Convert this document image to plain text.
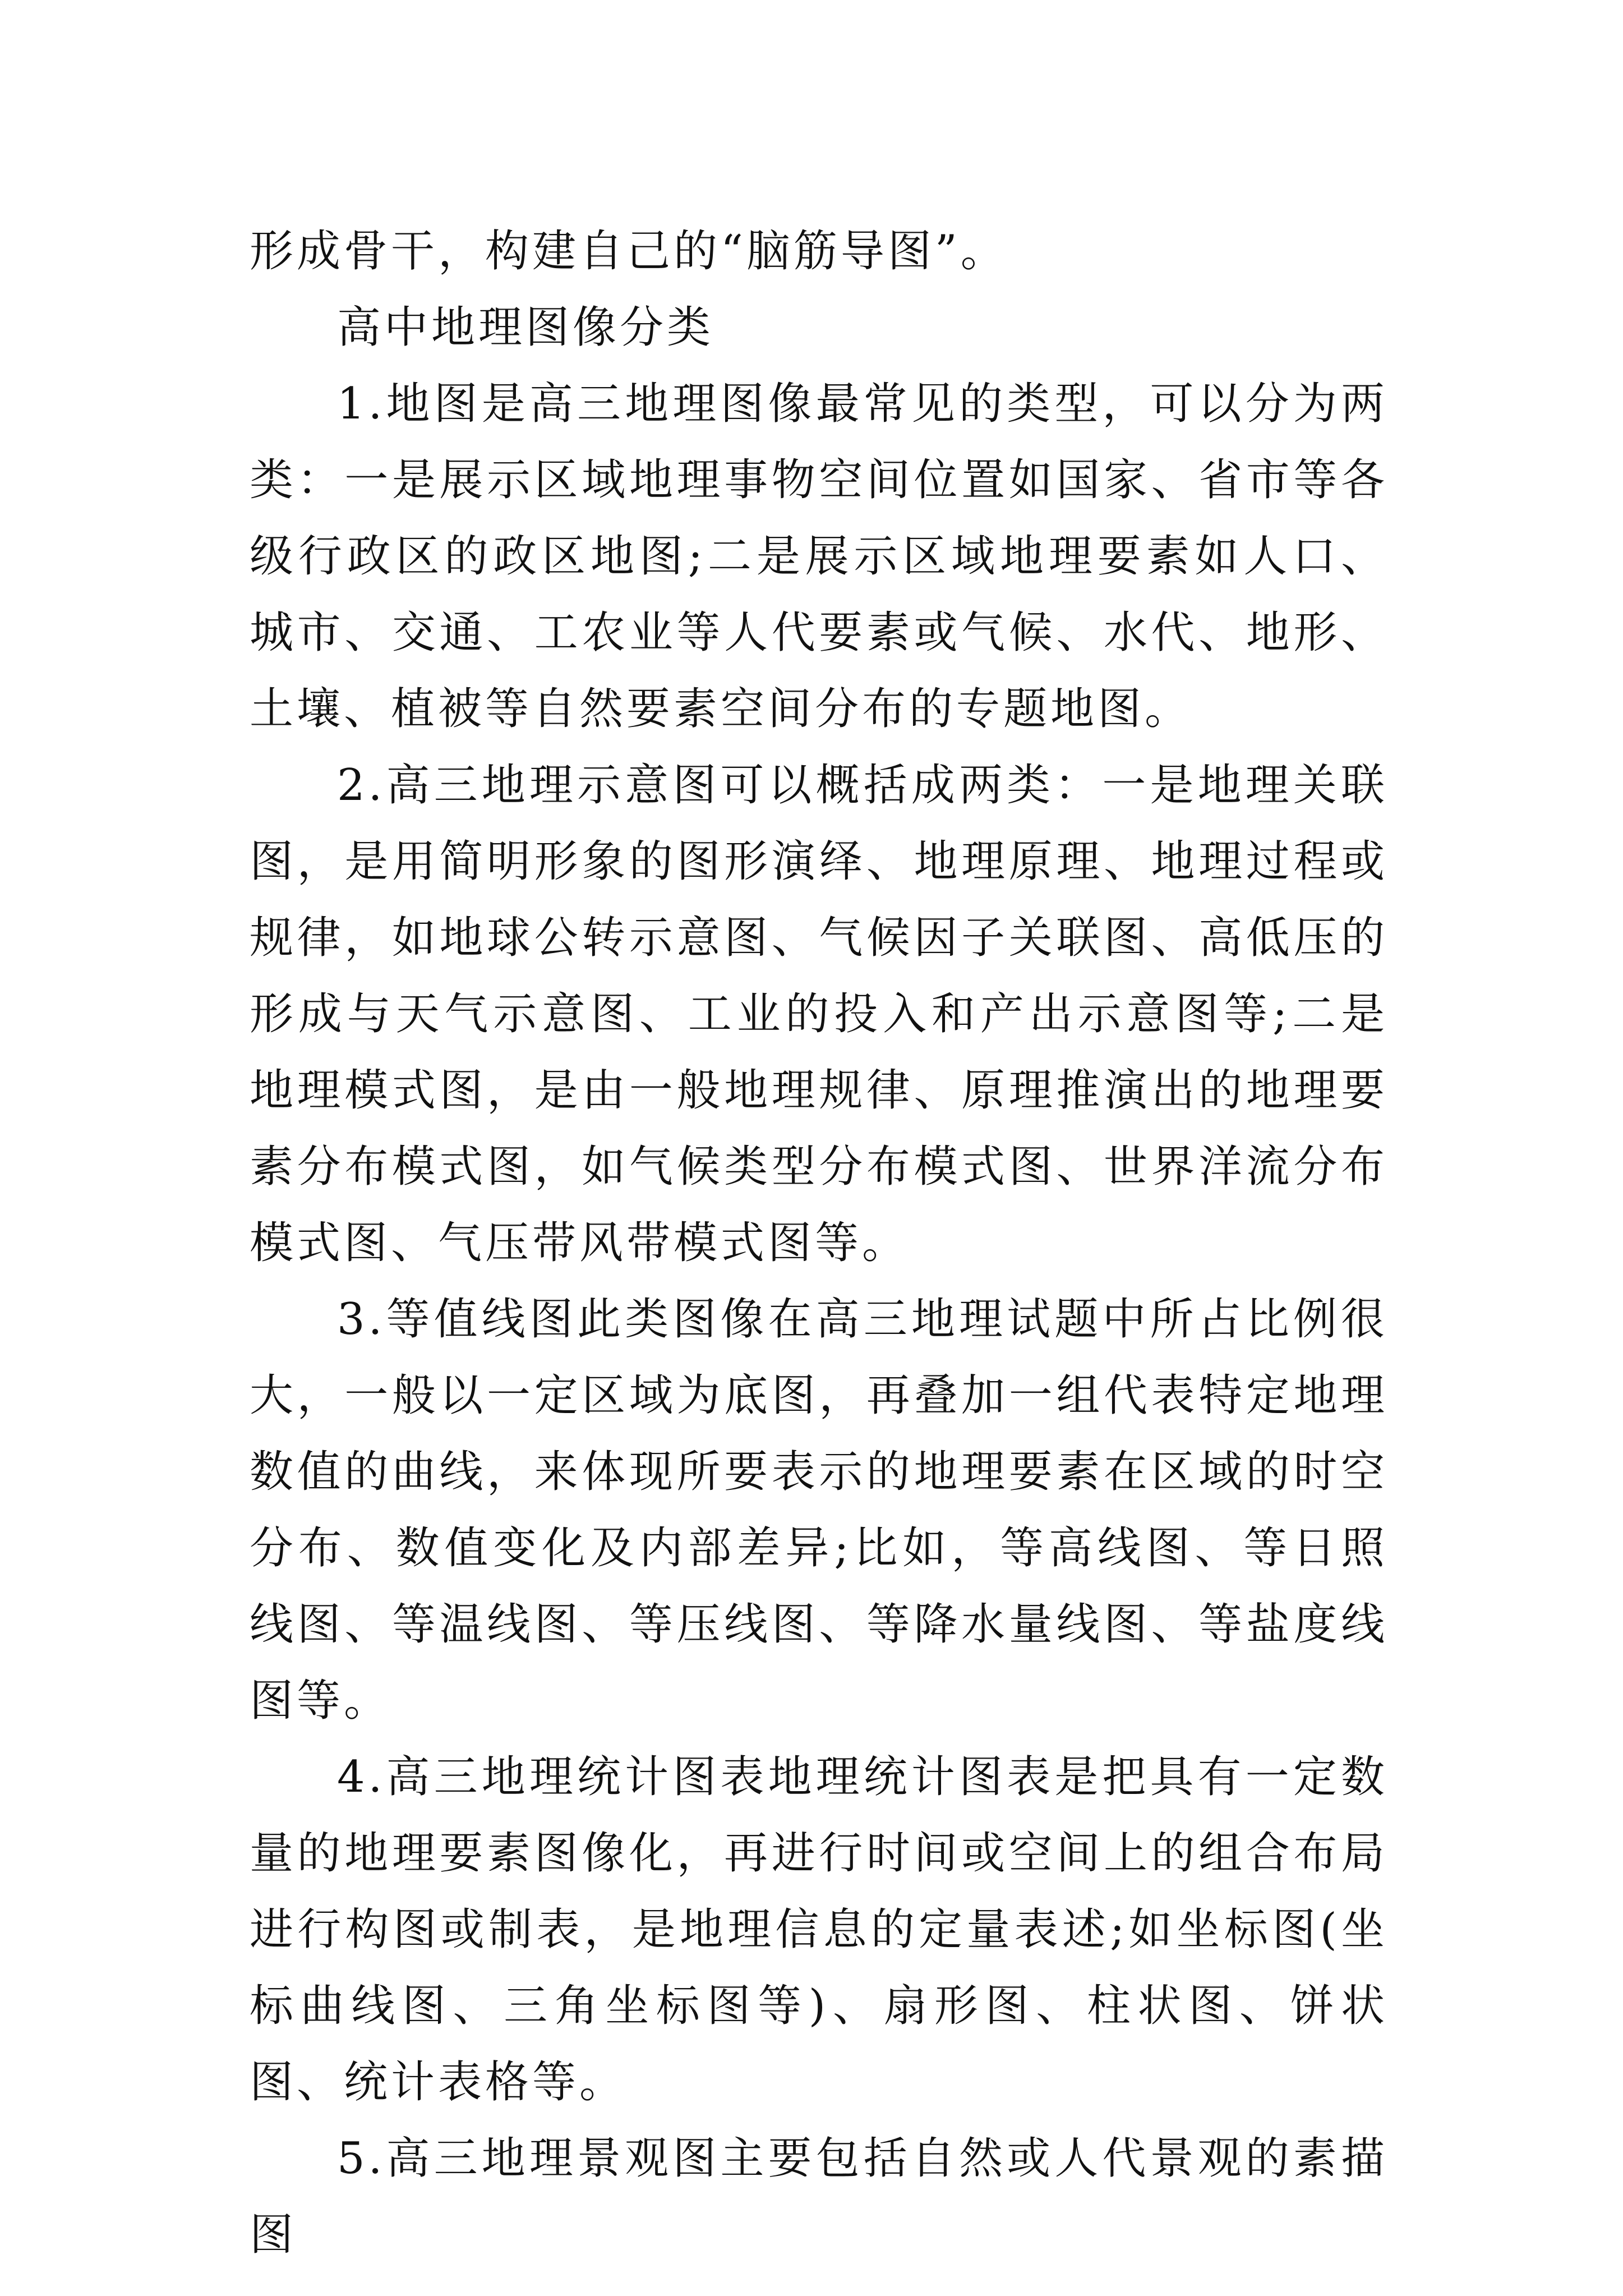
形成骨干，构建自己的“脑筋导图”。

高中地理图像分类

1.地图是高三地理图像最常见的类型，可以分为两类：一是展示区域地理事物空间位置如国家、省市等各级行政区的政区地图;二是展示区域地理要素如人口、城市、交通、工农业等人代要素或气候、水代、地形、土壤、植被等自然要素空间分布的专题地图。

2.高三地理示意图可以概括成两类：一是地理关联图，是用简明形象的图形演绎、地理原理、地理过程或规律，如地球公转示意图、气候因子关联图、高低压的形成与天气示意图、工业的投入和产出示意图等;二是地理模式图，是由一般地理规律、原理推演出的地理要素分布模式图，如气候类型分布模式图、世界洋流分布模式图、气压带风带模式图等。

3.等值线图此类图像在高三地理试题中所占比例很大，一般以一定区域为底图，再叠加一组代表特定地理数值的曲线，来体现所要表示的地理要素在区域的时空分布、数值变化及内部差异;比如，等高线图、等日照线图、等温线图、等压线图、等降水量线图、等盐度线图等。

4.高三地理统计图表地理统计图表是把具有一定数量的地理要素图像化，再进行时间或空间上的组合布局进行构图或制表，是地理信息的定量表述;如坐标图(坐标曲线图、三角坐标图等)、扇形图、柱状图、饼状图、统计表格等。

5.高三地理景观图主要包括自然或人代景观的素描图
